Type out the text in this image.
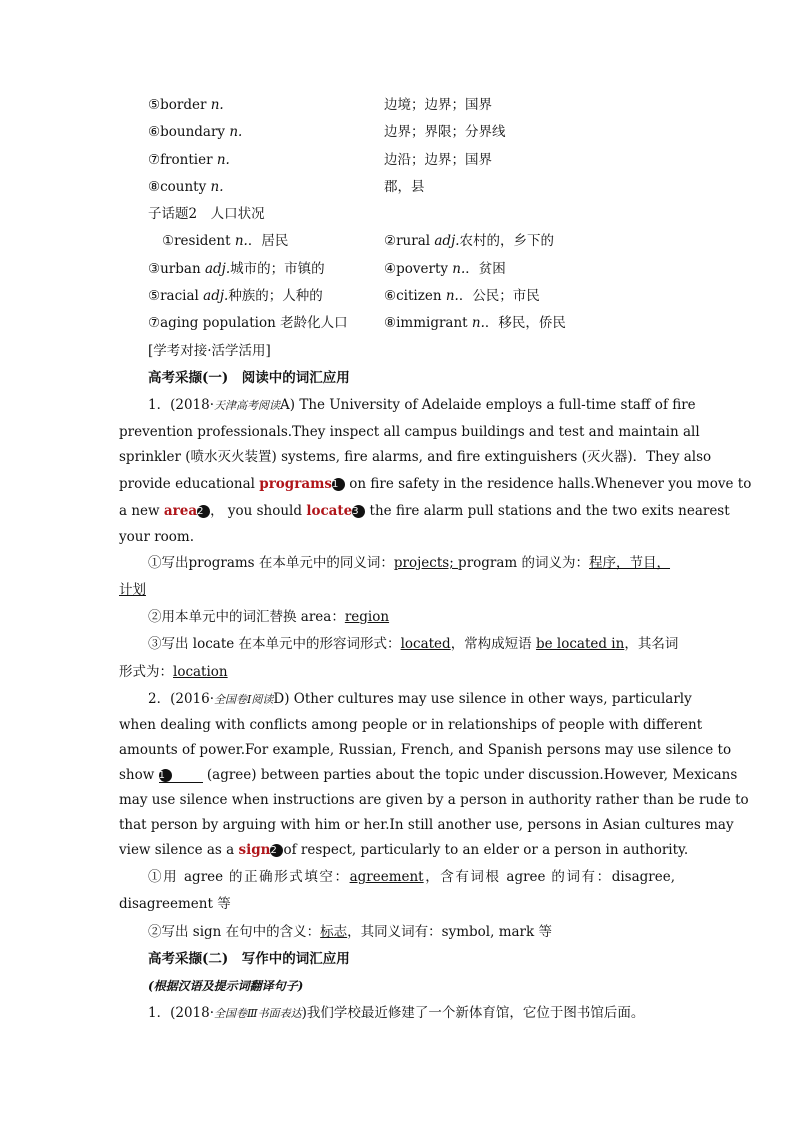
⑤border n.	边境；边界；国界
⑥boundary n.	边界；界限；分界线
⑦frontier n.	边沿；边界；国界
⑧county n.	郡，县
子话题2　人口状况
①resident n.．居民	②rural adj.农村的，乡下的
③urban adj.城市的；市镇的	④poverty n.．贫困
⑤racial adj.种族的；人种的	⑥citizen n.．公民；市民
⑦aging population 老龄化人口	⑧immigrant n.．移民，侨民
[学考对接·活学活用]
高考采撷(一)　阅读中的词汇应用
1．(2018·天津高考阅读A) The University of Adelaide employs a full-time staff of fire
prevention professionals.They inspect all campus buildings and test and maintain all
sprinkler (喷水灭火装置) systems, fire alarms, and fire extinguishers (灭火器)．They also
provide educational programs1 on fire safety in the residence halls.Whenever you move to
a new area2 ， you should locate3 the fire alarm pull stations and the two exits nearest
your room.
①写出programs 在本单元中的同义词：projects; program 的词义为：程序，节目，
计划
②用本单元中的词汇替换 area：region
③写出 locate 在本单元中的形容词形式：located，常构成短语 be located in，其名词
形式为：location
2．(2016·全国卷Ⅰ阅读D) Other cultures may use silence in other ways, particularly
when dealing with conflicts among people or in relationships of people with different
amounts of power.For example, Russian, French, and Spanish persons may use silence to
show 1	(agree) between parties about the topic under discussion.However, Mexicans
may use silence when instructions are given by a person in authority rather than be rude to
that person by arguing with him or her.In still another use, persons in Asian cultures may
view silence as a sign2 of respect, particularly to an elder or a person in authority.
①用 agree 的正确形式填空：agreement，含有词根 agree 的词有：disagree,
disagreement 等
②写出 sign 在句中的含义：标志，其同义词有：symbol, mark 等
高考采撷(二)　写作中的词汇应用
(根据汉语及提示词翻译句子)
1．(2018·全国卷Ⅲ书面表达)我们学校最近修建了一个新体育馆，它位于图书馆后面。
